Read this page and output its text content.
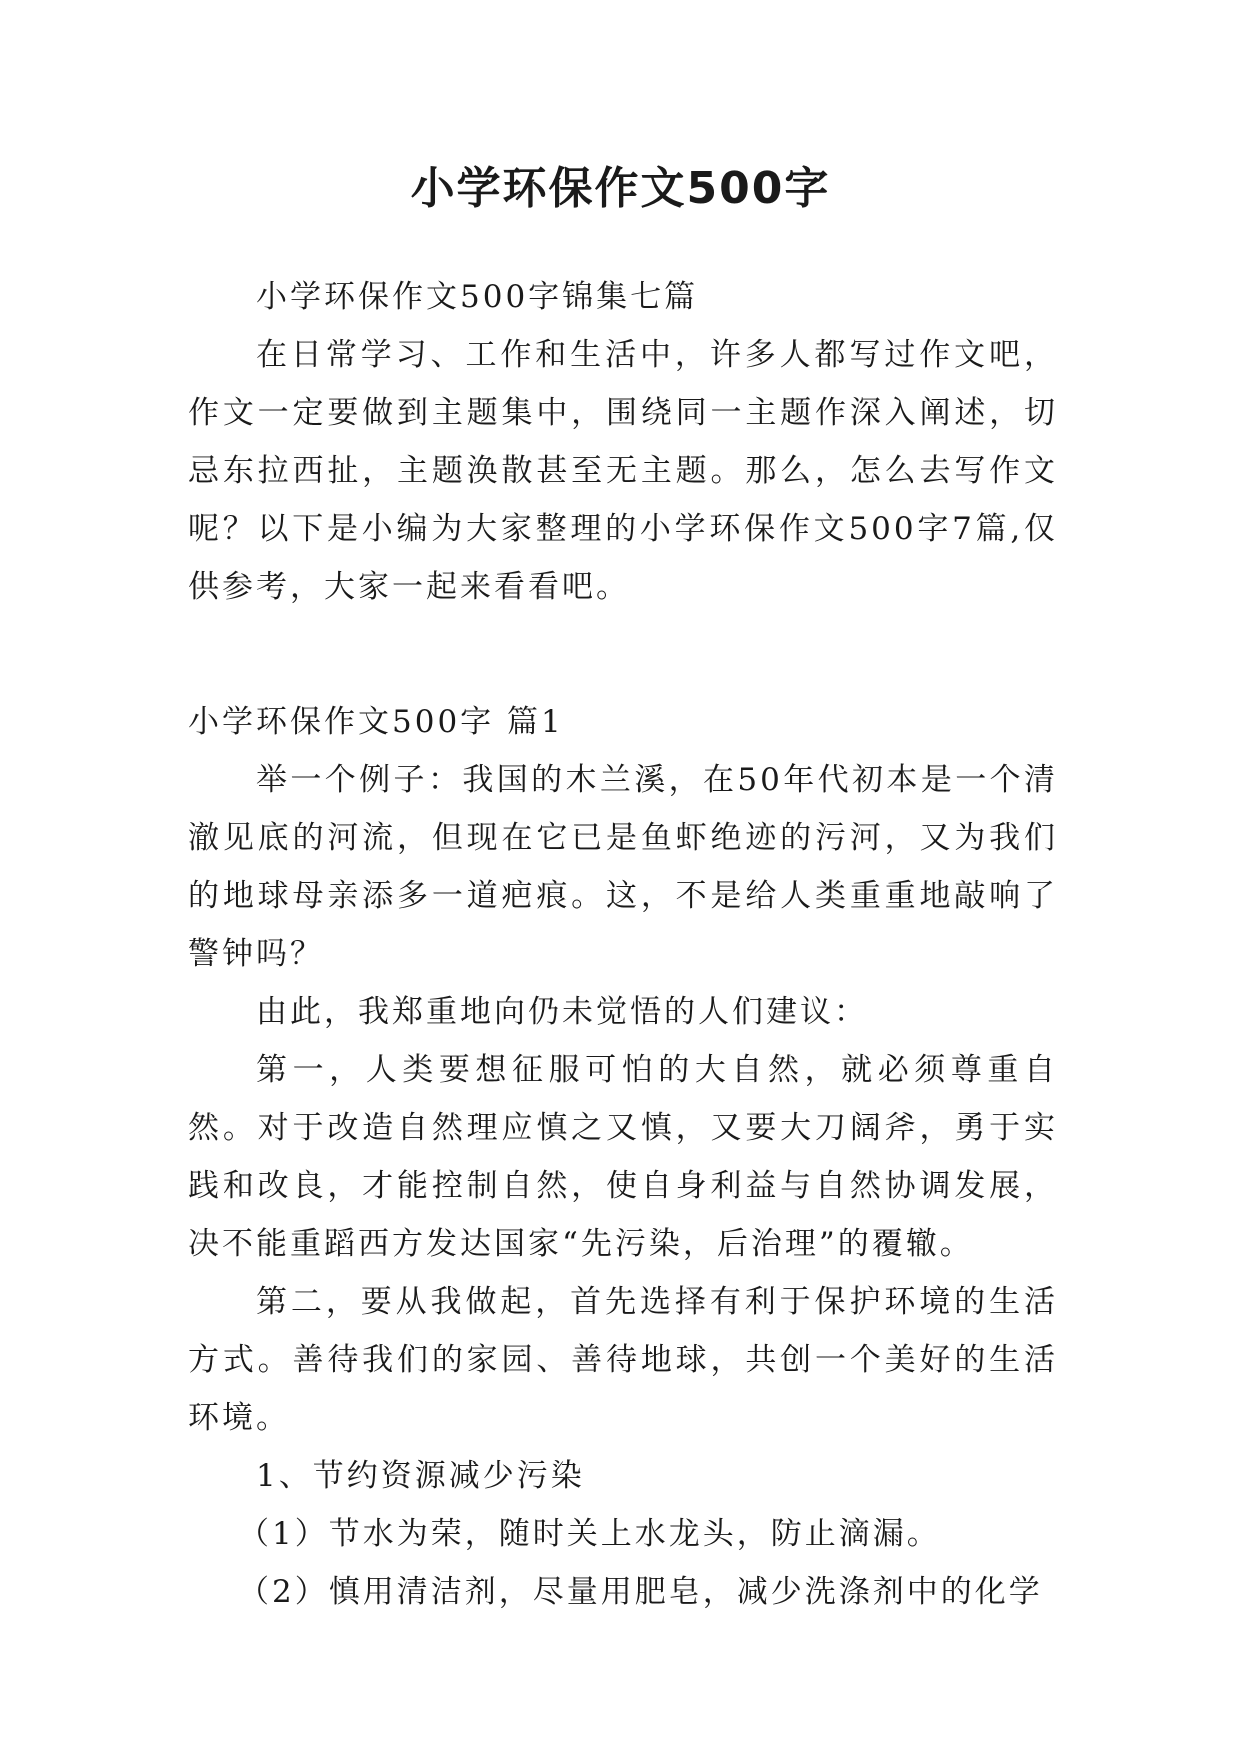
小学环保作文500字

小学环保作文500字锦集七篇

在日常学习、工作和生活中，许多人都写过作文吧，作文一定要做到主题集中，围绕同一主题作深入阐述，切忌东拉西扯，主题涣散甚至无主题。那么，怎么去写作文呢？以下是小编为大家整理的小学环保作文500字7篇,仅供参考，大家一起来看看吧。

小学环保作文500字 篇1

举一个例子：我国的木兰溪，在50年代初本是一个清澈见底的河流，但现在它已是鱼虾绝迹的污河，又为我们的地球母亲添多一道疤痕。这，不是给人类重重地敲响了警钟吗？

由此，我郑重地向仍未觉悟的人们建议：

第一，人类要想征服可怕的大自然，就必须尊重自然。对于改造自然理应慎之又慎，又要大刀阔斧，勇于实践和改良，才能控制自然，使自身利益与自然协调发展，决不能重蹈西方发达国家“先污染，后治理”的覆辙。

第二，要从我做起，首先选择有利于保护环境的生活方式。善待我们的家园、善待地球，共创一个美好的生活环境。

1、节约资源减少污染

（1）节水为荣，随时关上水龙头，防止滴漏。

（2）慎用清洁剂，尽量用肥皂，减少洗涤剂中的化学
